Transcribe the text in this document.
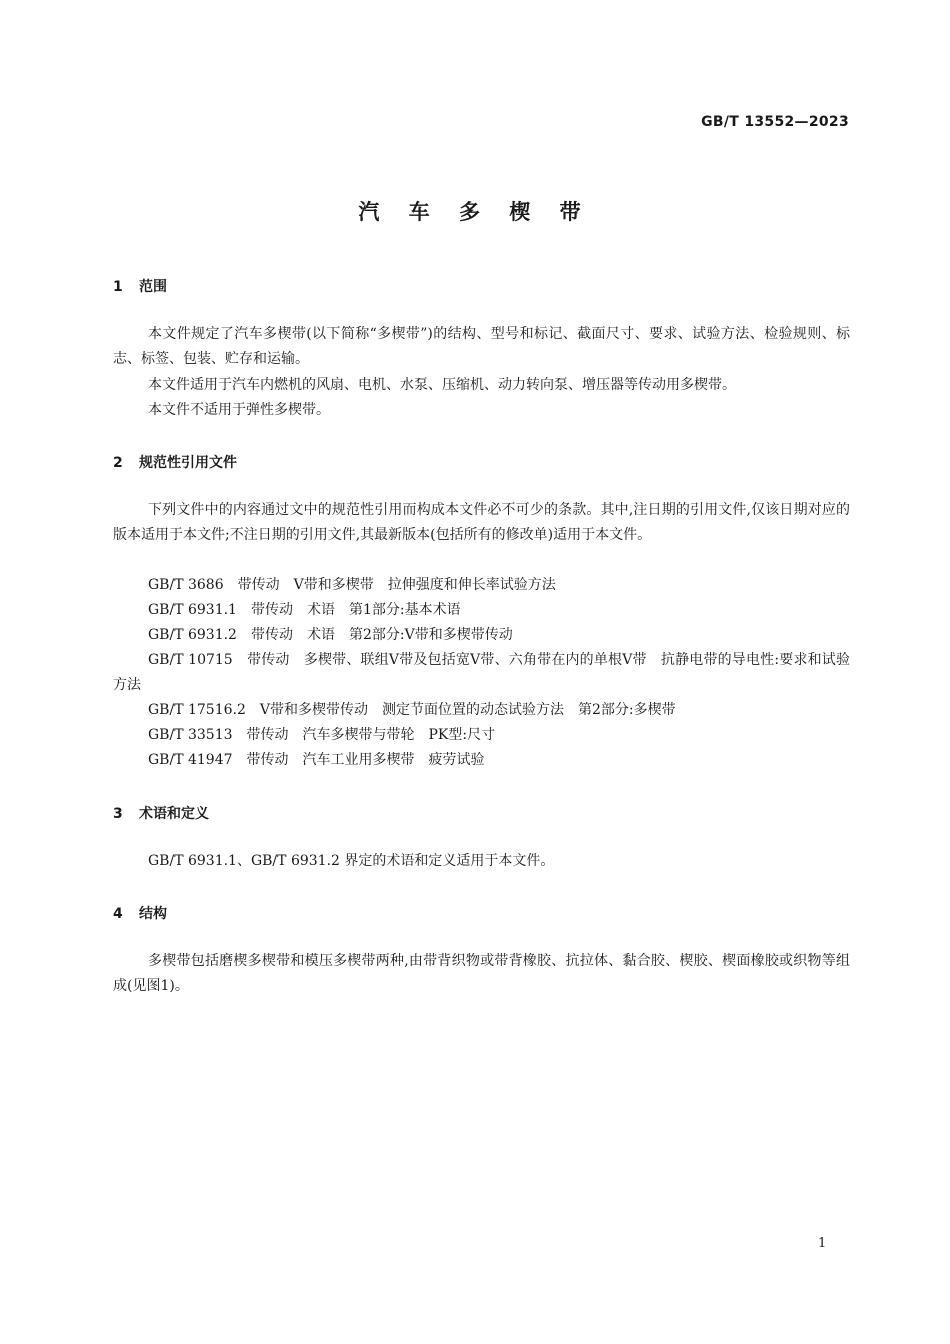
GB/T 13552—2023
汽 车 多 楔 带
1 范围

本文件规定了汽车多楔带(以下简称“多楔带”)的结构、型号和标记、截面尺寸、要求、试验方法、检验规则、标志、标签、包装、贮存和运输。

本文件适用于汽车内燃机的风扇、电机、水泵、压缩机、动力转向泵、增压器等传动用多楔带。

本文件不适用于弹性多楔带。

2 规范性引用文件

下列文件中的内容通过文中的规范性引用而构成本文件必不可少的条款。其中,注日期的引用文件,仅该日期对应的版本适用于本文件;不注日期的引用文件,其最新版本(包括所有的修改单)适用于本文件。

GB/T 3686　带传动　V带和多楔带　拉伸强度和伸长率试验方法
GB/T 6931.1　带传动　术语　第1部分:基本术语
GB/T 6931.2　带传动　术语　第2部分:V带和多楔带传动

GB/T 10715　带传动　多楔带、联组V带及包括宽V带、六角带在内的单根V带　抗静电带的导电性:要求和试验方法

GB/T 17516.2　V带和多楔带传动　测定节面位置的动态试验方法　第2部分:多楔带
GB/T 33513　带传动　汽车多楔带与带轮　PK型:尺寸
GB/T 41947　带传动　汽车工业用多楔带　疲劳试验
3 术语和定义

GB/T 6931.1、GB/T 6931.2 界定的术语和定义适用于本文件。

4 结构

多楔带包括磨楔多楔带和模压多楔带两种,由带背织物或带背橡胶、抗拉体、黏合胶、楔胶、楔面橡胶或织物等组成(见图1)。

1
